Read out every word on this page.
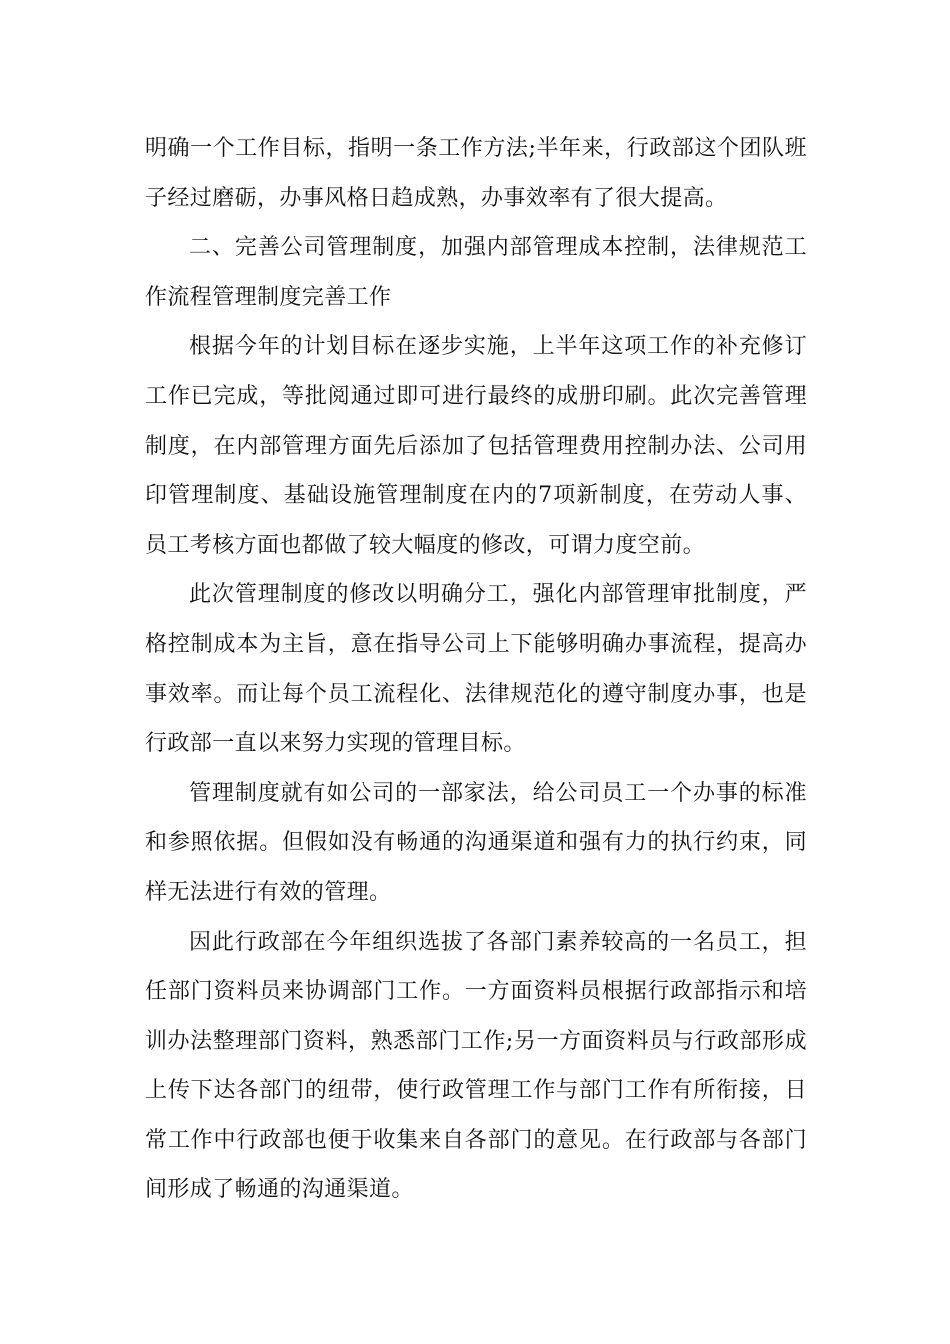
明确一个工作目标，指明一条工作方法;半年来，行政部这个团队班子经过磨砺，办事风格日趋成熟，办事效率有了很大提高。

二、完善公司管理制度，加强内部管理成本控制，法律规范工作流程管理制度完善工作

根据今年的计划目标在逐步实施，上半年这项工作的补充修订工作已完成，等批阅通过即可进行最终的成册印刷。此次完善管理制度，在内部管理方面先后添加了包括管理费用控制办法、公司用印管理制度、基础设施管理制度在内的7项新制度，在劳动人事、员工考核方面也都做了较大幅度的修改，可谓力度空前。

此次管理制度的修改以明确分工，强化内部管理审批制度，严格控制成本为主旨，意在指导公司上下能够明确办事流程，提高办事效率。而让每个员工流程化、法律规范化的遵守制度办事，也是行政部一直以来努力实现的管理目标。

管理制度就有如公司的一部家法，给公司员工一个办事的标准和参照依据。但假如没有畅通的沟通渠道和强有力的执行约束，同样无法进行有效的管理。

因此行政部在今年组织选拔了各部门素养较高的一名员工，担任部门资料员来协调部门工作。一方面资料员根据行政部指示和培训办法整理部门资料，熟悉部门工作;另一方面资料员与行政部形成上传下达各部门的纽带，使行政管理工作与部门工作有所衔接，日常工作中行政部也便于收集来自各部门的意见。在行政部与各部门间形成了畅通的沟通渠道。
